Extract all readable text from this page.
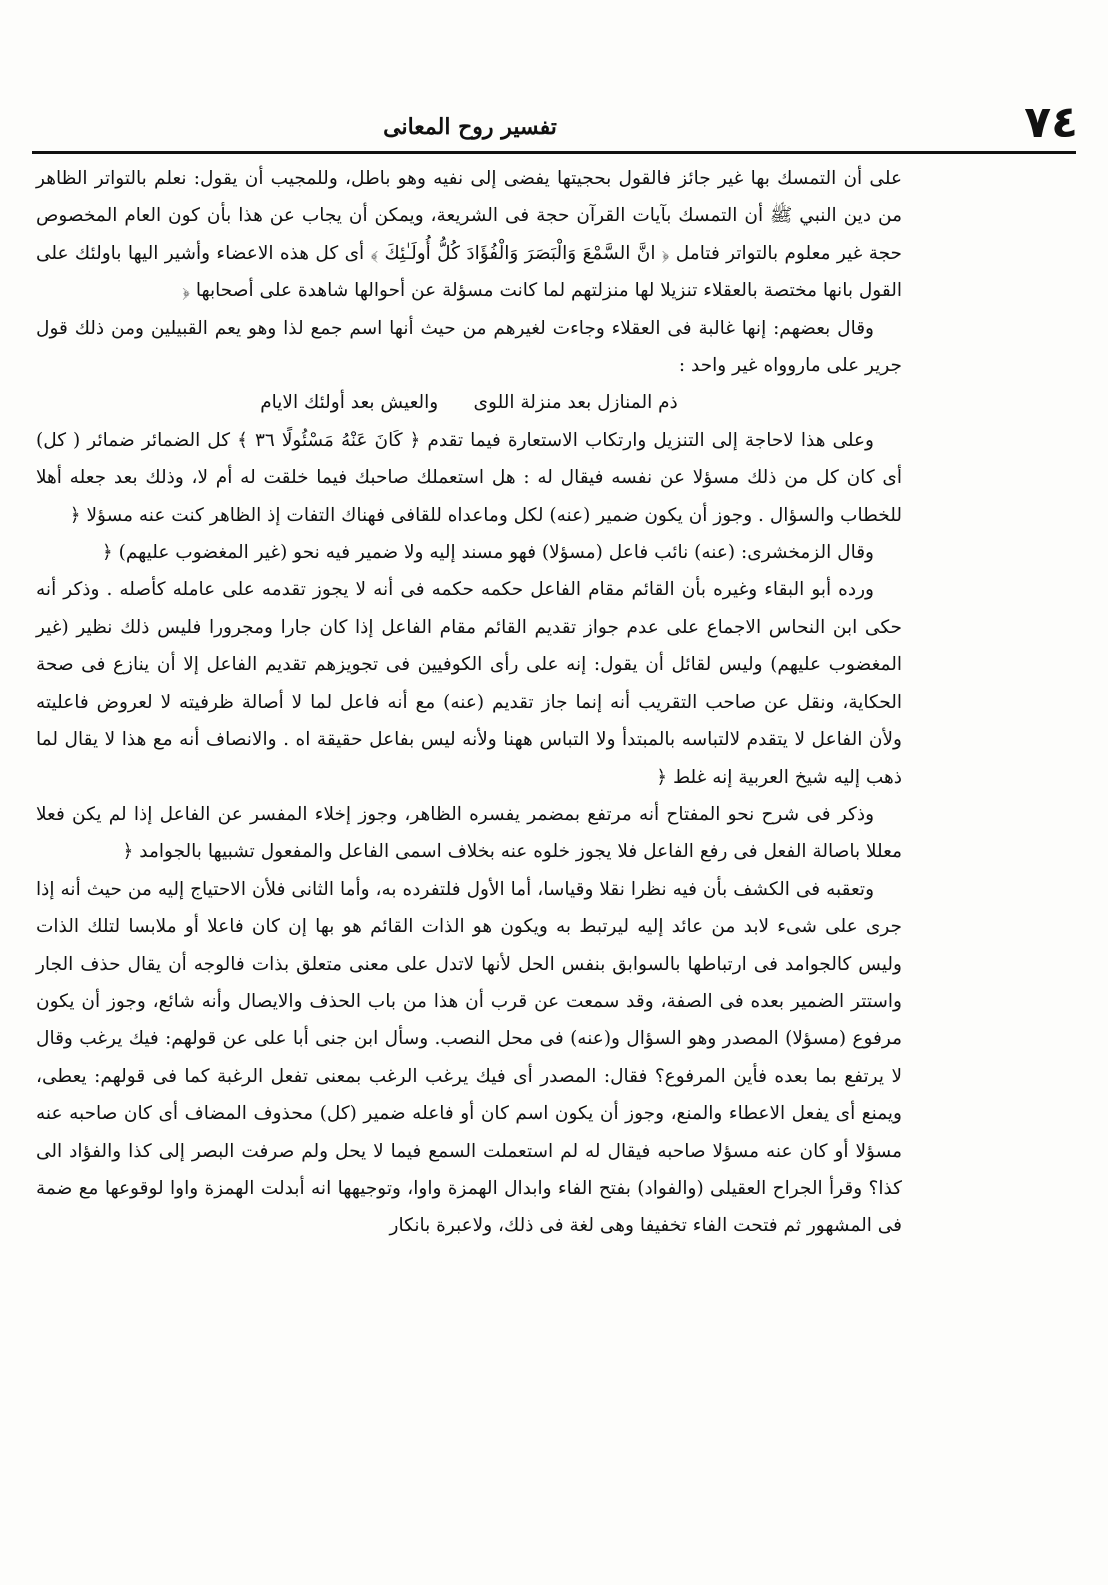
تفسير روح المعانى	٧٤

على أن التمسك بها غير جائز فالقول بحجيتها يفضى إلى نفيه وهو باطل، وللمجيب أن يقول: نعلم بالتواتر الظاهر من دين النبي ﷺ أن التمسك بآيات القرآن حجة فى الشريعة، ويمكن أن يجاب عن هذا بأن كون العام المخصوص حجة غير معلوم بالتواتر فتامل ﴿ انَّ السَّمْعَ وَالْبَصَرَ وَالْفُؤَادَ كُلُّ أُولَـٰئِكَ ﴾ أى كل هذه الاعضاء وأشير اليها باولئك على القول بانها مختصة بالعقلاء تنزيلا لها منزلتهم لما كانت مسؤلة عن أحوالها شاهدة على أصحابها ﴿

وقال بعضهم: إنها غالبة فى العقلاء وجاءت لغيرهم من حيث أنها اسم جمع لذا وهو يعم القبيلين ومن ذلك قول جرير على ماروواه غير واحد :

ذم المنازل بعد منزلة اللوى      والعيش بعد أولئك الايام

وعلى هذا لاحاجة إلى التنزيل وارتكاب الاستعارة فيما تقدم ﴿ كَانَ عَنْهُ مَسْئُولًا ٣٦ ﴾ كل الضمائر ضمائر ( كل) أى كان كل من ذلك مسؤلا عن نفسه فيقال له : هل استعملك صاحبك فيما خلقت له أم لا، وذلك بعد جعله أهلا للخطاب والسؤال . وجوز أن يكون ضمير (عنه) لكل وماعداه للقافى فهناك التفات إذ الظاهر كنت عنه مسؤلا ﴿

وقال الزمخشرى: (عنه) نائب فاعل (مسؤلا) فهو مسند إليه ولا ضمير فيه نحو (غير المغضوب عليهم) ﴿

ورده أبو البقاء وغيره بأن القائم مقام الفاعل حكمه حكمه فى أنه لا يجوز تقدمه على عامله كأصله . وذكر أنه حكى ابن النحاس الاجماع على عدم جواز تقديم القائم مقام الفاعل إذا كان جارا ومجرورا فليس ذلك نظير (غير المغضوب عليهم) وليس لقائل أن يقول: إنه على رأى الكوفيين فى تجويزهم تقديم الفاعل إلا أن ينازع فى صحة الحكاية، ونقل عن صاحب التقريب أنه إنما جاز تقديم (عنه) مع أنه فاعل لما لا أصالة ظرفيته لا لعروض فاعليته ولأن الفاعل لا يتقدم لالتباسه بالمبتدأ ولا التباس ههنا ولأنه ليس بفاعل حقيقة اه . والانصاف أنه مع هذا لا يقال لما ذهب إليه شيخ العربية إنه غلط ﴿

وذكر فى شرح نحو المفتاح أنه مرتفع بمضمر يفسره الظاهر، وجوز إخلاء المفسر عن الفاعل إذا لم يكن فعلا معللا باصالة الفعل فى رفع الفاعل فلا يجوز خلوه عنه بخلاف اسمى الفاعل والمفعول تشبيها بالجوامد ﴿

وتعقبه فى الكشف بأن فيه نظرا نقلا وقياسا، أما الأول فلتفرده به، وأما الثانى فلأن الاحتياج إليه من حيث أنه إذا جرى على شىء لابد من عائد إليه ليرتبط به ويكون هو الذات القائم هو بها إن كان فاعلا أو ملابسا لتلك الذات وليس كالجوامد فى ارتباطها بالسوابق بنفس الحل لأنها لاتدل على معنى متعلق بذات فالوجه أن يقال حذف الجار واستتر الضمير بعده فى الصفة، وقد سمعت عن قرب أن هذا من باب الحذف والايصال وأنه شائع، وجوز أن يكون مرفوع (مسؤلا) المصدر وهو السؤال و(عنه) فى محل النصب. وسأل ابن جنى أبا على عن قولهم: فيك يرغب وقال لا يرتفع بما بعده فأين المرفوع؟ فقال: المصدر أى فيك يرغب الرغب بمعنى تفعل الرغبة كما فى قولهم: يعطى، ويمنع أى يفعل الاعطاء والمنع، وجوز أن يكون اسم كان أو فاعله ضمير (كل) محذوف المضاف أى كان صاحبه عنه مسؤلا أو كان عنه مسؤلا صاحبه فيقال له لم استعملت السمع فيما لا يحل ولم صرفت البصر إلى كذا والفؤاد الى كذا؟ وقرأ الجراح العقيلى (والفواد) بفتح الفاء وابدال الهمزة واوا، وتوجيهها انه أبدلت الهمزة واوا لوقوعها مع ضمة فى المشهور ثم فتحت الفاء تخفيفا وهى لغة فى ذلك، ولاعبرة بانكار
